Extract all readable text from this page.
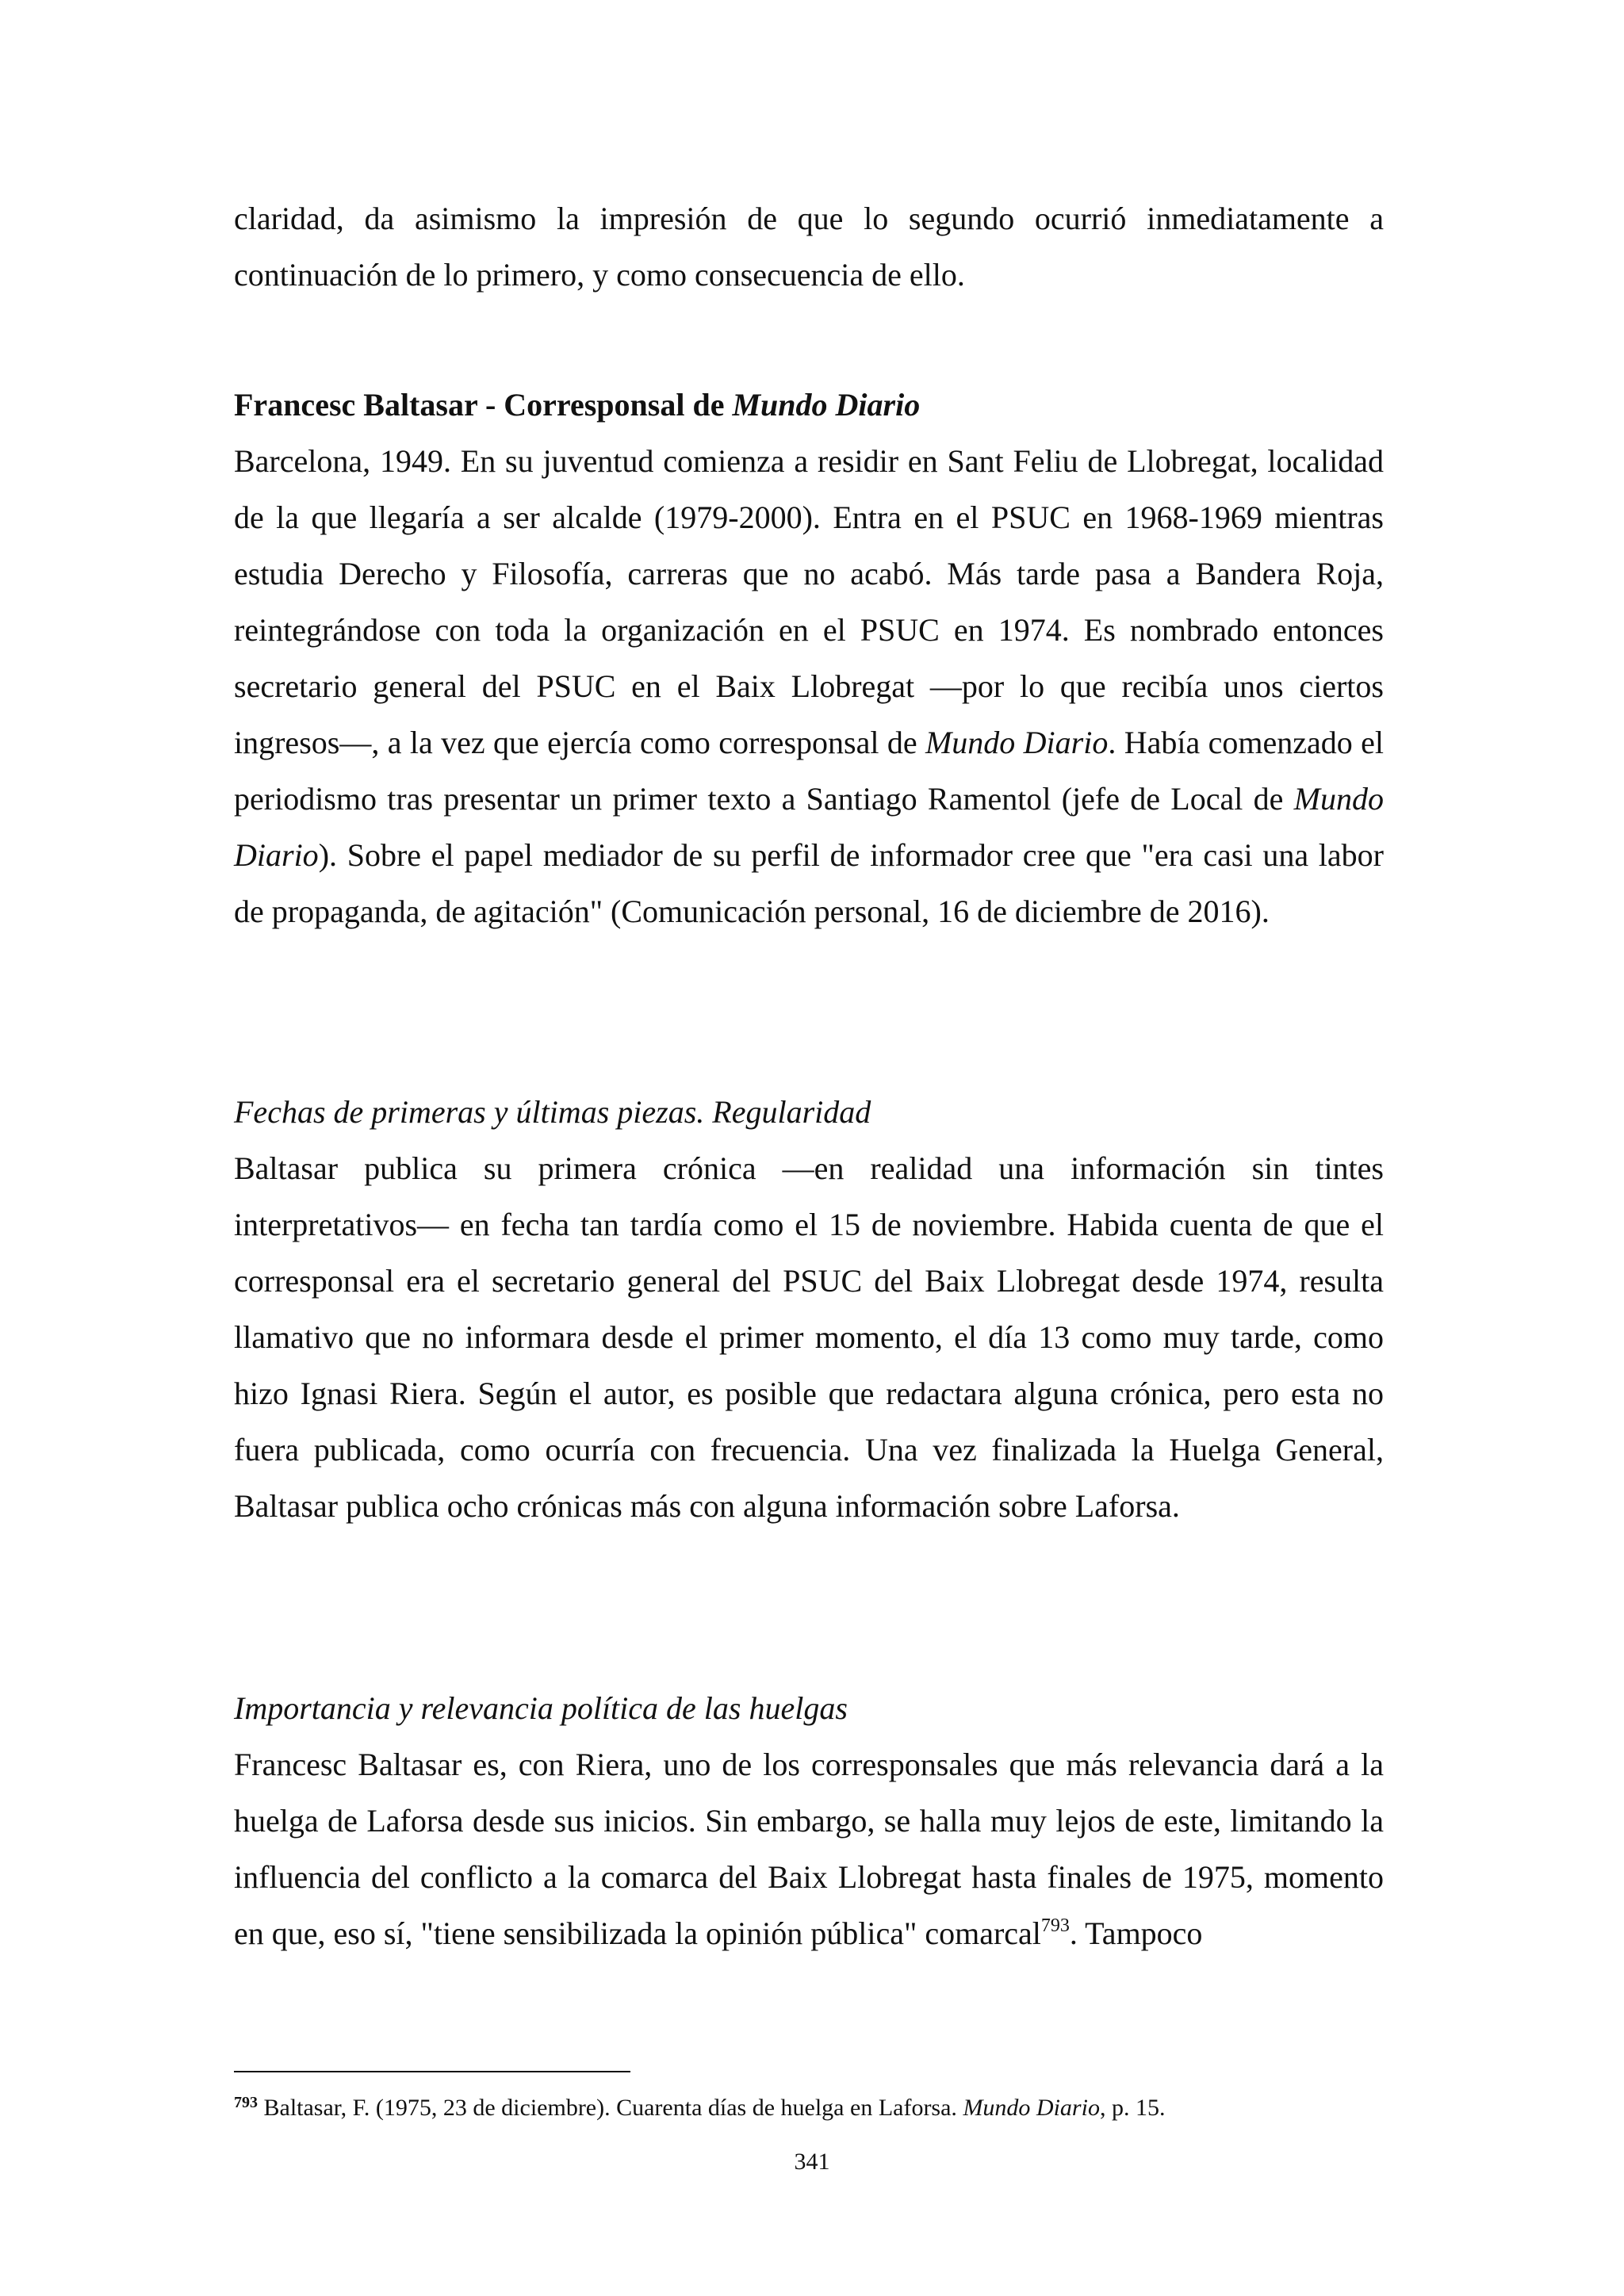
claridad, da asimismo la impresión de que lo segundo ocurrió inmediatamente a continuación de lo primero, y como consecuencia de ello.

Francesc Baltasar - Corresponsal de Mundo Diario

Barcelona, 1949. En su juventud comienza a residir en Sant Feliu de Llobregat, localidad de la que llegaría a ser alcalde (1979-2000). Entra en el PSUC en 1968-1969 mientras estudia Derecho y Filosofía, carreras que no acabó. Más tarde pasa a Bandera Roja, reintegrándose con toda la organización en el PSUC en 1974. Es nombrado entonces secretario general del PSUC en el Baix Llobregat —por lo que recibía unos ciertos ingresos—, a la vez que ejercía como corresponsal de Mundo Diario. Había comenzado el periodismo tras presentar un primer texto a Santiago Ramentol (jefe de Local de Mundo Diario). Sobre el papel mediador de su perfil de informador cree que "era casi una labor de propaganda, de agitación" (Comunicación personal, 16 de diciembre de 2016).

Fechas de primeras y últimas piezas. Regularidad

Baltasar publica su primera crónica —en realidad una información sin tintes interpretativos— en fecha tan tardía como el 15 de noviembre. Habida cuenta de que el corresponsal era el secretario general del PSUC del Baix Llobregat desde 1974, resulta llamativo que no informara desde el primer momento, el día 13 como muy tarde, como hizo Ignasi Riera. Según el autor, es posible que redactara alguna crónica, pero esta no fuera publicada, como ocurría con frecuencia. Una vez finalizada la Huelga General, Baltasar publica ocho crónicas más con alguna información sobre Laforsa.

Importancia y relevancia política de las huelgas

Francesc Baltasar es, con Riera, uno de los corresponsales que más relevancia dará a la huelga de Laforsa desde sus inicios. Sin embargo, se halla muy lejos de este, limitando la influencia del conflicto a la comarca del Baix Llobregat hasta finales de 1975, momento en que, eso sí, "tiene sensibilizada la opinión pública" comarcal$^{793}$. Tampoco

$^{793}$ Baltasar, F. (1975, 23 de diciembre). Cuarenta días de huelga en Laforsa. Mundo Diario, p. 15.
341
